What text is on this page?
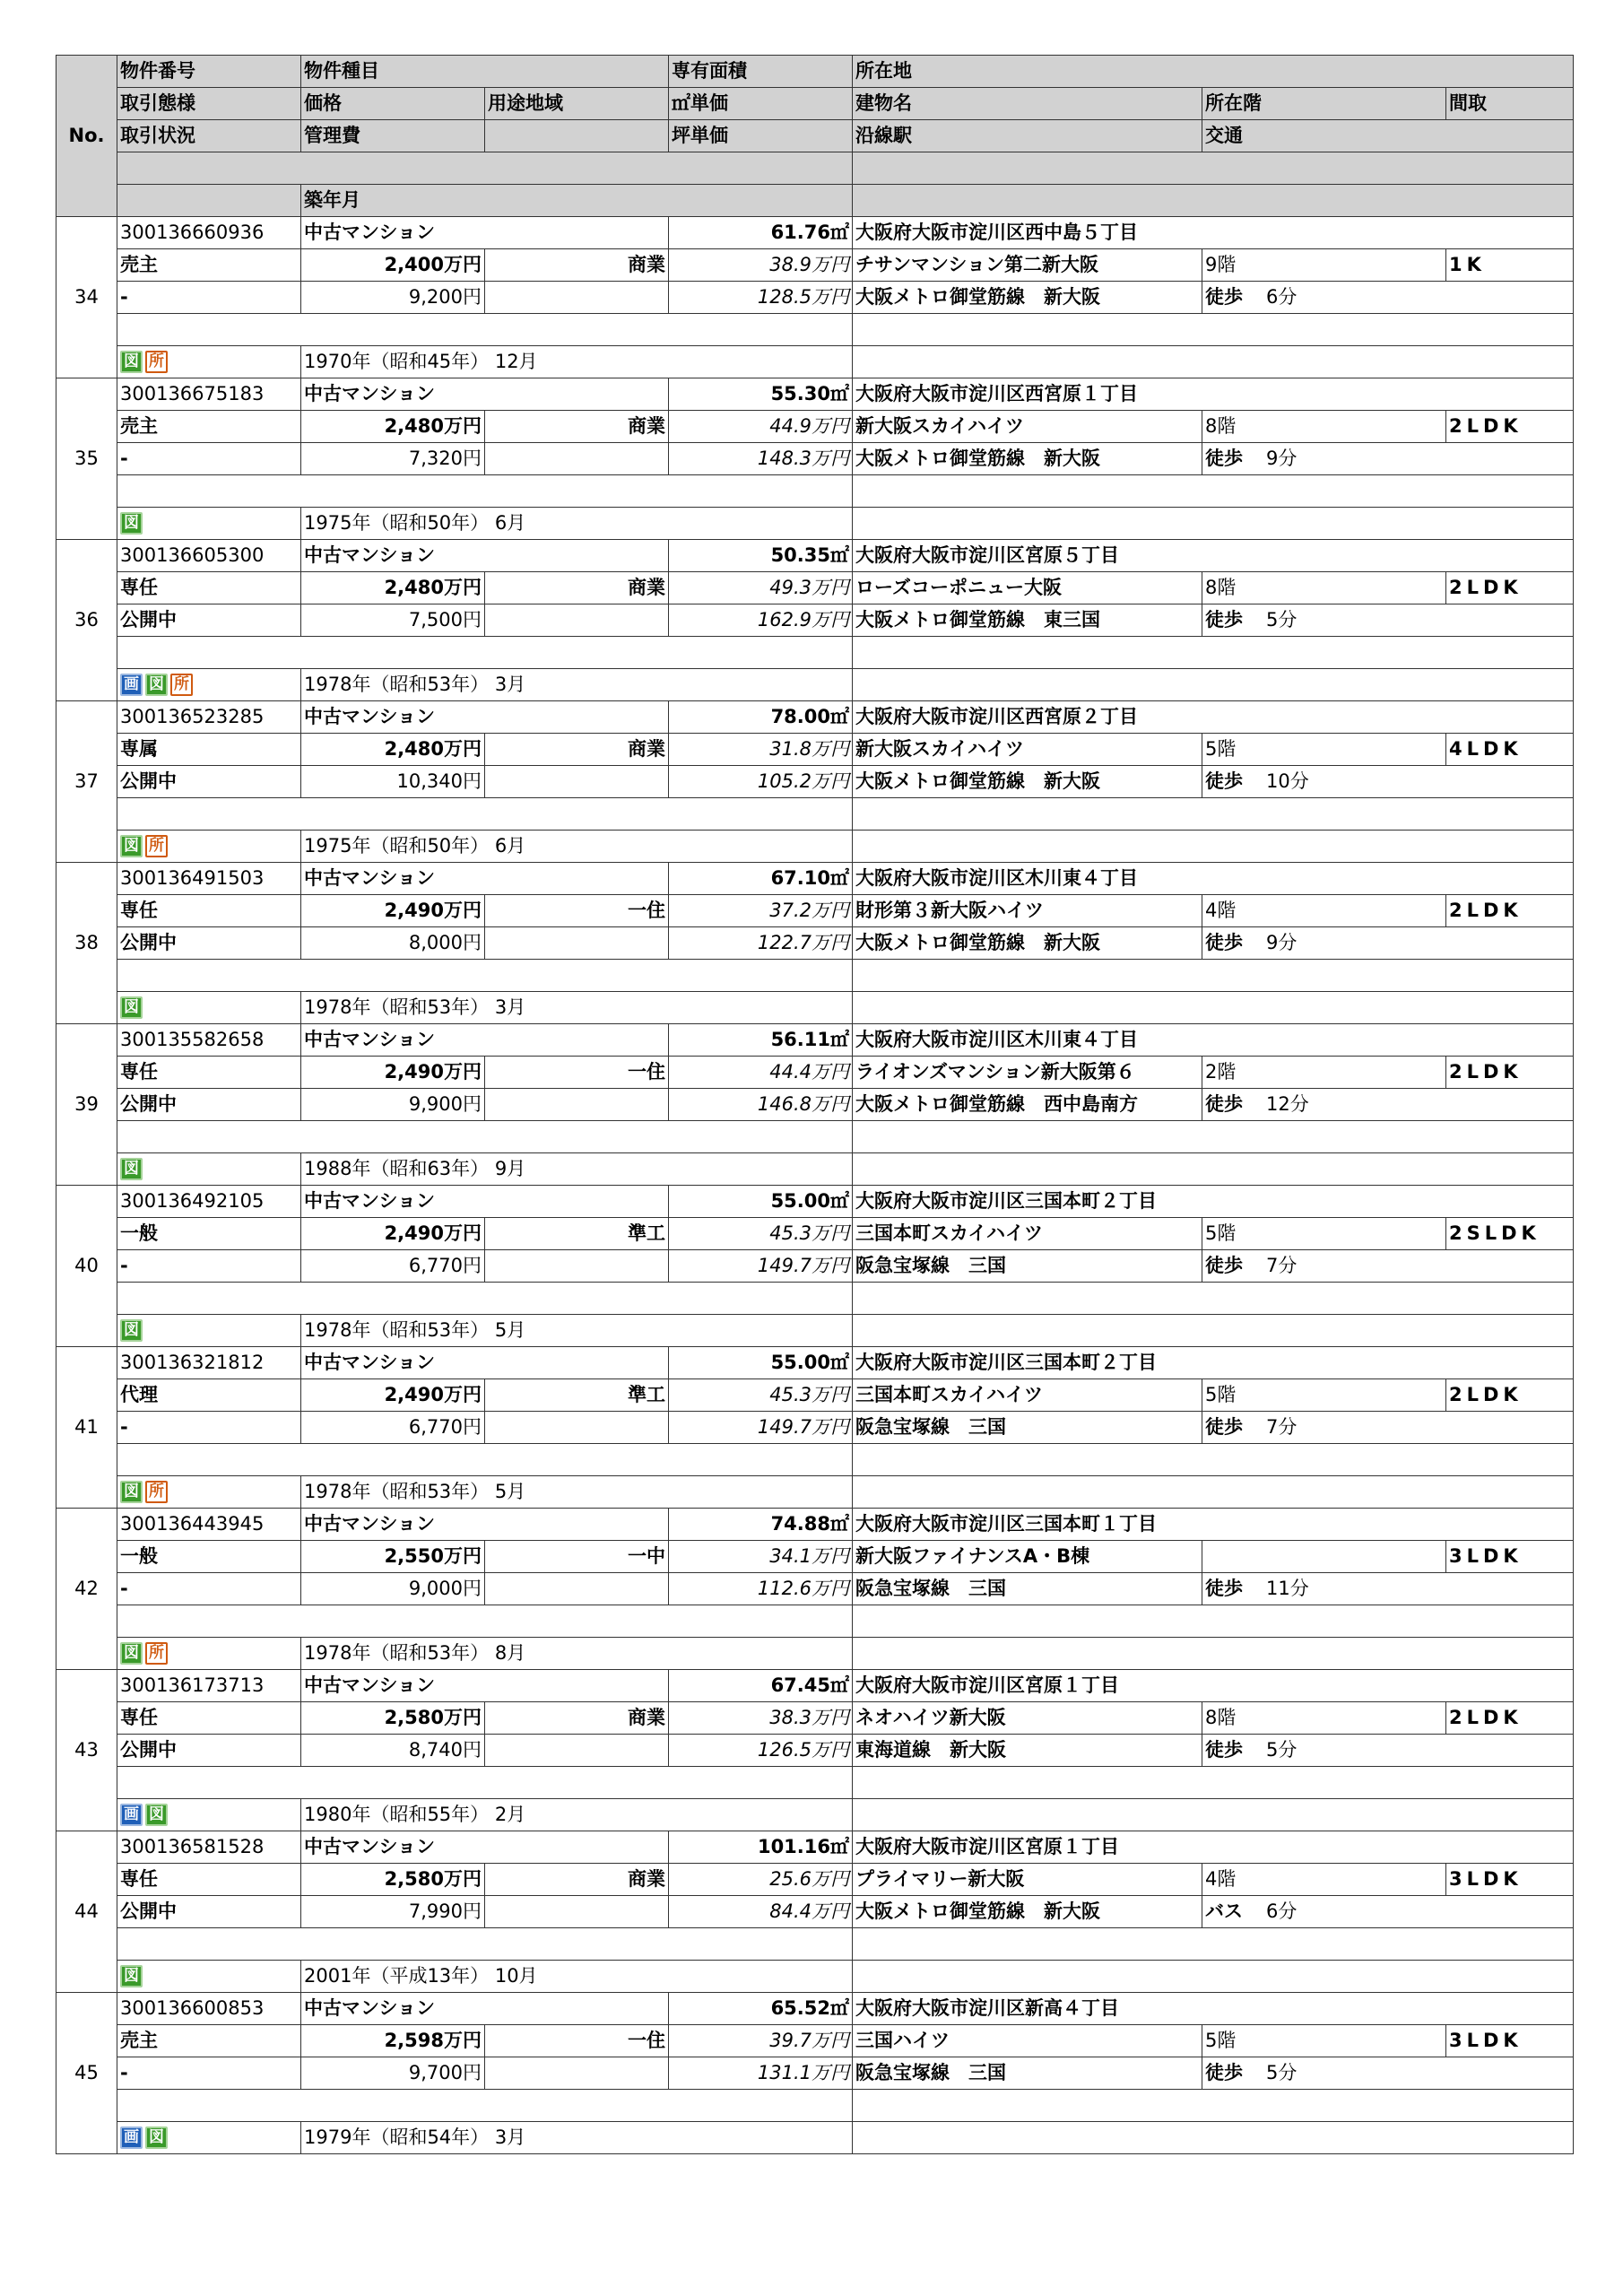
No.	物件番号	物件種目		専有面積	所在地		
	取引態様	価格	用途地域	㎡単価	建物名	所在階	間取
	取引状況	管理費		坪単価	沿線駅	交通	

		築年月					
34	300136660936	中古マンション		61.76㎡	大阪府大阪市淀川区西中島５丁目		
	売主	2,400万円	商業	38.9万円	チサンマンション第二新大阪	9階	1K
	-	9,200円		128.5万円	大阪メトロ御堂筋線　新大阪	徒歩 6分	

	図 所	1970年（昭和45年） 12月					
35	300136675183	中古マンション		55.30㎡	大阪府大阪市淀川区西宮原１丁目		
	売主	2,480万円	商業	44.9万円	新大阪スカイハイツ	8階	2LDK
	-	7,320円		148.3万円	大阪メトロ御堂筋線　新大阪	徒歩 9分	

	図	1975年（昭和50年） 6月					
36	300136605300	中古マンション		50.35㎡	大阪府大阪市淀川区宮原５丁目		
	専任	2,480万円	商業	49.3万円	ローズコーポニュー大阪	8階	2LDK
	公開中	7,500円		162.9万円	大阪メトロ御堂筋線　東三国	徒歩 5分	

	画 図 所	1978年（昭和53年） 3月					
37	300136523285	中古マンション		78.00㎡	大阪府大阪市淀川区西宮原２丁目		
	専属	2,480万円	商業	31.8万円	新大阪スカイハイツ	5階	4LDK
	公開中	10,340円		105.2万円	大阪メトロ御堂筋線　新大阪	徒歩 10分	

	図 所	1975年（昭和50年） 6月					
38	300136491503	中古マンション		67.10㎡	大阪府大阪市淀川区木川東４丁目		
	専任	2,490万円	一住	37.2万円	財形第３新大阪ハイツ	4階	2LDK
	公開中	8,000円		122.7万円	大阪メトロ御堂筋線　新大阪	徒歩 9分	

	図	1978年（昭和53年） 3月					
39	300135582658	中古マンション		56.11㎡	大阪府大阪市淀川区木川東４丁目		
	専任	2,490万円	一住	44.4万円	ライオンズマンション新大阪第６	2階	2LDK
	公開中	9,900円		146.8万円	大阪メトロ御堂筋線　西中島南方	徒歩 12分	

	図	1988年（昭和63年） 9月					
40	300136492105	中古マンション		55.00㎡	大阪府大阪市淀川区三国本町２丁目		
	一般	2,490万円	準工	45.3万円	三国本町スカイハイツ	5階	2SLDK
	-	6,770円		149.7万円	阪急宝塚線　三国	徒歩 7分	

	図	1978年（昭和53年） 5月					
41	300136321812	中古マンション		55.00㎡	大阪府大阪市淀川区三国本町２丁目		
	代理	2,490万円	準工	45.3万円	三国本町スカイハイツ	5階	2LDK
	-	6,770円		149.7万円	阪急宝塚線　三国	徒歩 7分	

	図 所	1978年（昭和53年） 5月					
42	300136443945	中古マンション		74.88㎡	大阪府大阪市淀川区三国本町１丁目		
	一般	2,550万円	一中	34.1万円	新大阪ファイナンスA・B棟		3LDK
	-	9,000円		112.6万円	阪急宝塚線　三国	徒歩 11分	

	図 所	1978年（昭和53年） 8月					
43	300136173713	中古マンション		67.45㎡	大阪府大阪市淀川区宮原１丁目		
	専任	2,580万円	商業	38.3万円	ネオハイツ新大阪	8階	2LDK
	公開中	8,740円		126.5万円	東海道線　新大阪	徒歩 5分	

	画 図	1980年（昭和55年） 2月					
44	300136581528	中古マンション		101.16㎡	大阪府大阪市淀川区宮原１丁目		
	専任	2,580万円	商業	25.6万円	プライマリー新大阪	4階	3LDK
	公開中	7,990円		84.4万円	大阪メトロ御堂筋線　新大阪	バス 6分	

	図	2001年（平成13年） 10月					
45	300136600853	中古マンション		65.52㎡	大阪府大阪市淀川区新高４丁目		
	売主	2,598万円	一住	39.7万円	三国ハイツ	5階	3LDK
	-	9,700円		131.1万円	阪急宝塚線　三国	徒歩 5分	

	画 図	1979年（昭和54年） 3月					
